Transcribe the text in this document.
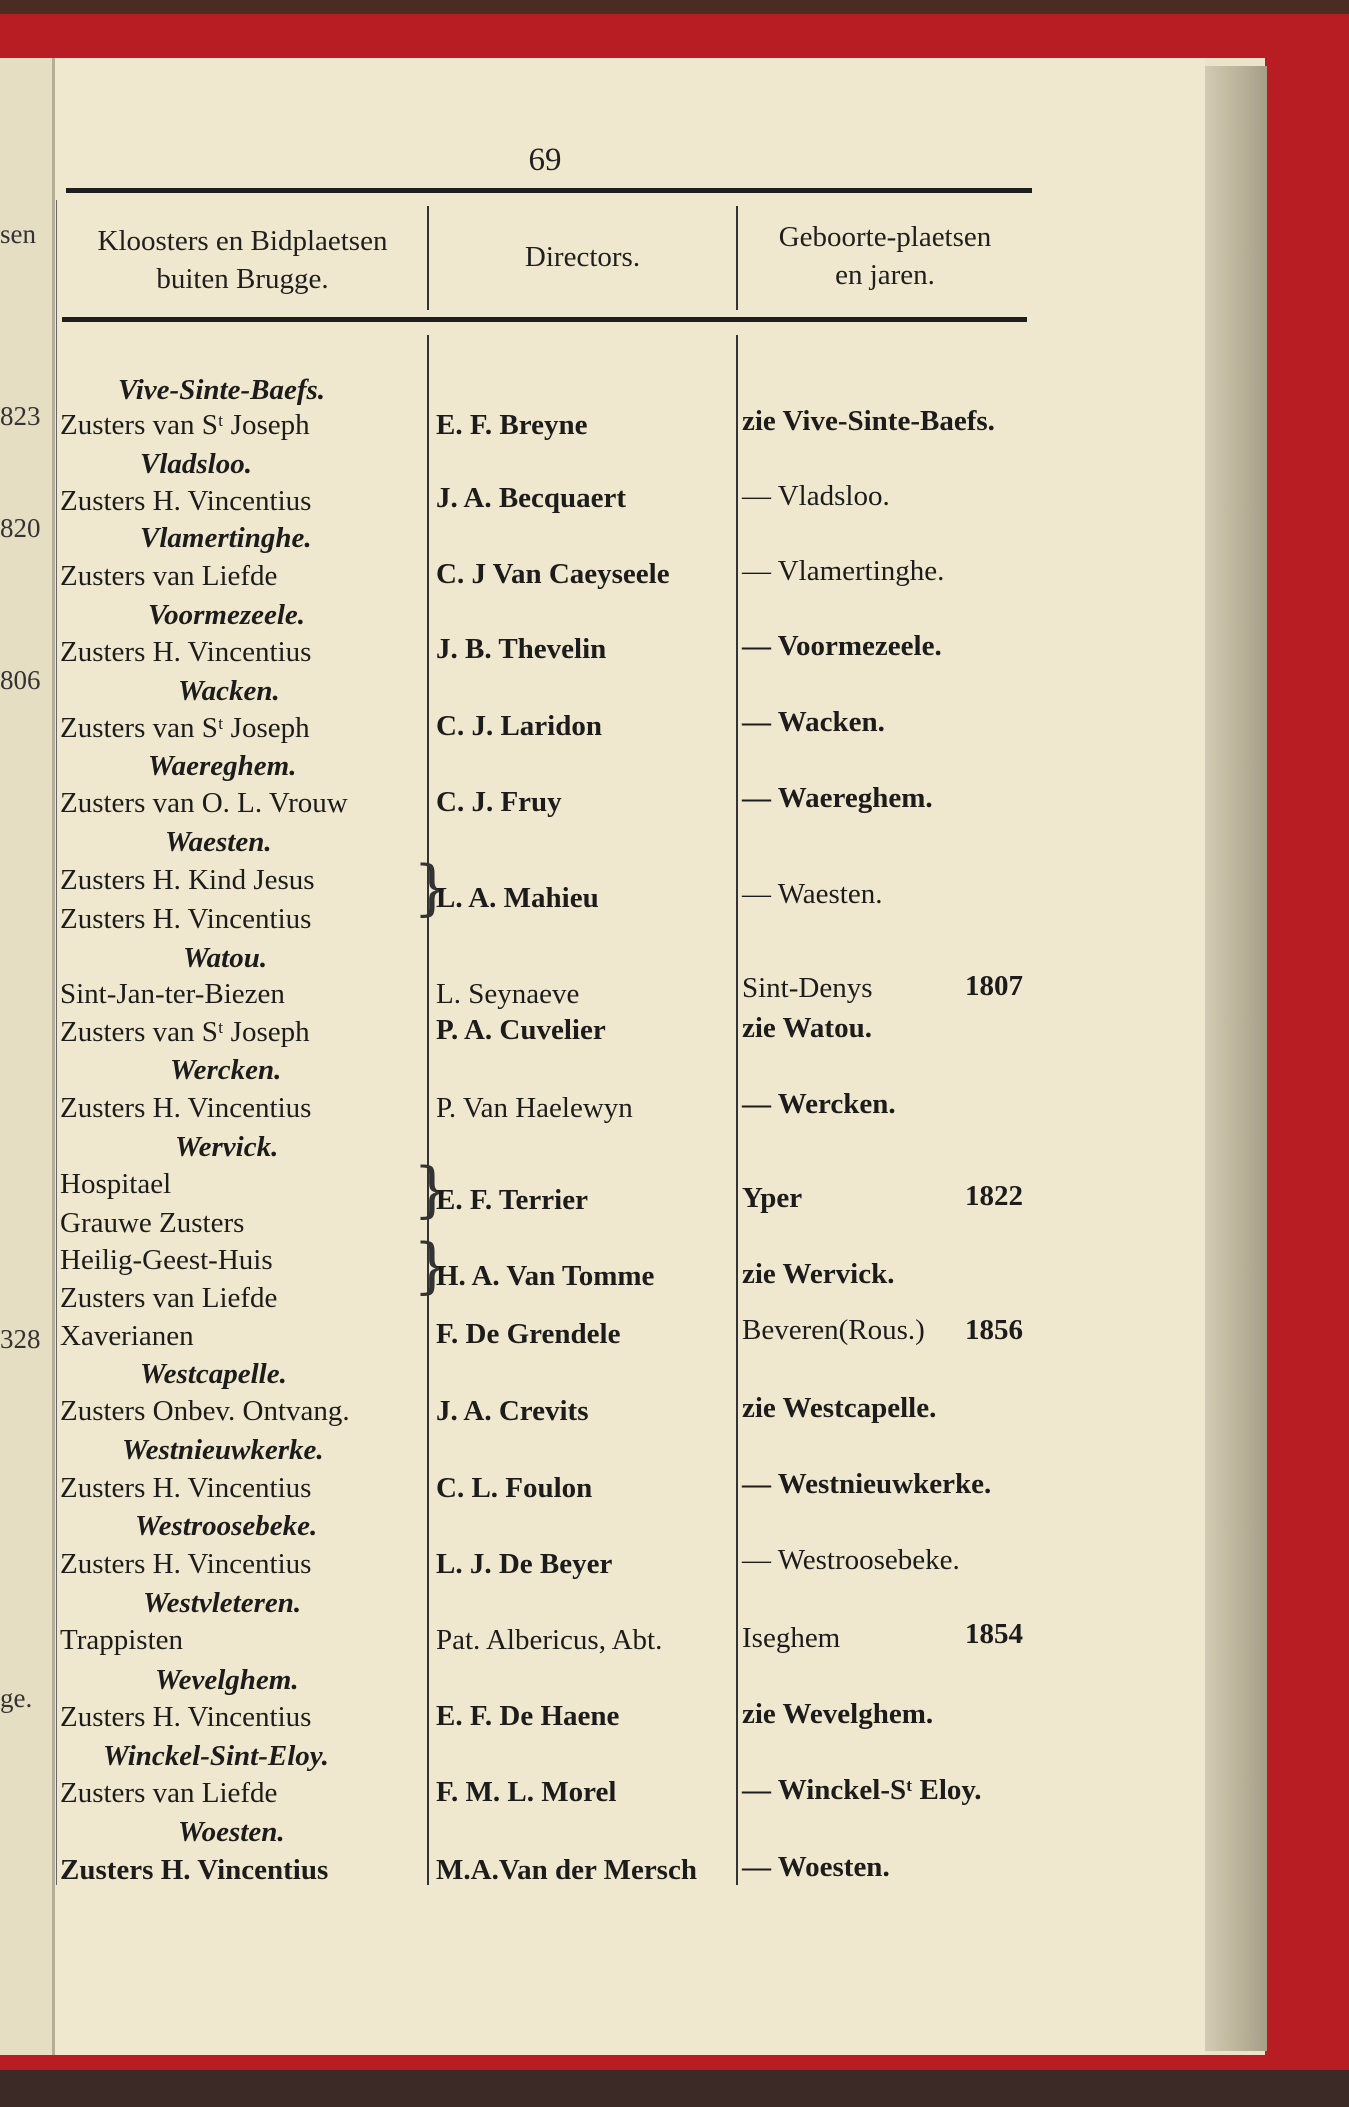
sen
823
820
806
328
ge.
69
Kloosters en Bidplaetsen
buiten Brugge.
Directors.
Geboorte-plaetsen
en jaren.
Vive-Sinte-Baefs.
Zusters van Sᵗ Joseph	E. F. Breyne	zie Vive-Sinte-Baefs.
Vladsloo.
Zusters H. Vincentius	J. A. Becquaert	— Vladsloo.
Vlamertinghe.
Zusters van Liefde	C. J Van Caeyseele — Vlamertinghe.
Voormezeele.
Zusters H. Vincentius	J. B. Thevelin	— Voormezeele.
Wacken.
Zusters van Sᵗ Joseph	C. J. Laridon	— Wacken.
Waereghem.
Zusters van O. L. Vrouw	C. J. Fruy	— Waereghem.
Waesten.
Zusters H. Kind Jesus
Zusters H. Vincentius }
L. A. Mahieu	— Waesten.
Watou.
Sint-Jan-ter-Biezen	L. Seynaeve	Sint-Denys	1807
Zusters van Sᵗ Joseph	P. A. Cuvelier	zie Watou.
Wercken.
Zusters H. Vincentius	P. Van Haelewyn	— Wercken.
Wervick.
Hospitael
Grauwe Zusters	}
E. F. Terrier	Yper	1822
Heilig-Geest-Huis
Zusters van Liefde }
H. A. Van Tomme	zie Wervick.
Xaverianen	F. De Grendele	Beveren(Rous.) 1856
Westcapelle.
Zusters Onbev. Ontvang.	J. A. Crevits	zie Westcapelle.
Westnieuwkerke.
Zusters H. Vincentius	C. L. Foulon	— Westnieuwkerke.
Westroosebeke.
Zusters H. Vincentius	L. J. De Beyer	— Westroosebeke.
Westvleteren.
Trappisten	Pat. Albericus, Abt.	Iseghem	1854
Wevelghem.
Zusters H. Vincentius	E. F. De Haene	zie Wevelghem.
Winckel-Sint-Eloy.
Zusters van Liefde	F. M. L. Morel	— Winckel-Sᵗ Eloy.
Woesten.
Zusters H. Vincentius	M.A.Van der Mersch — Woesten.
